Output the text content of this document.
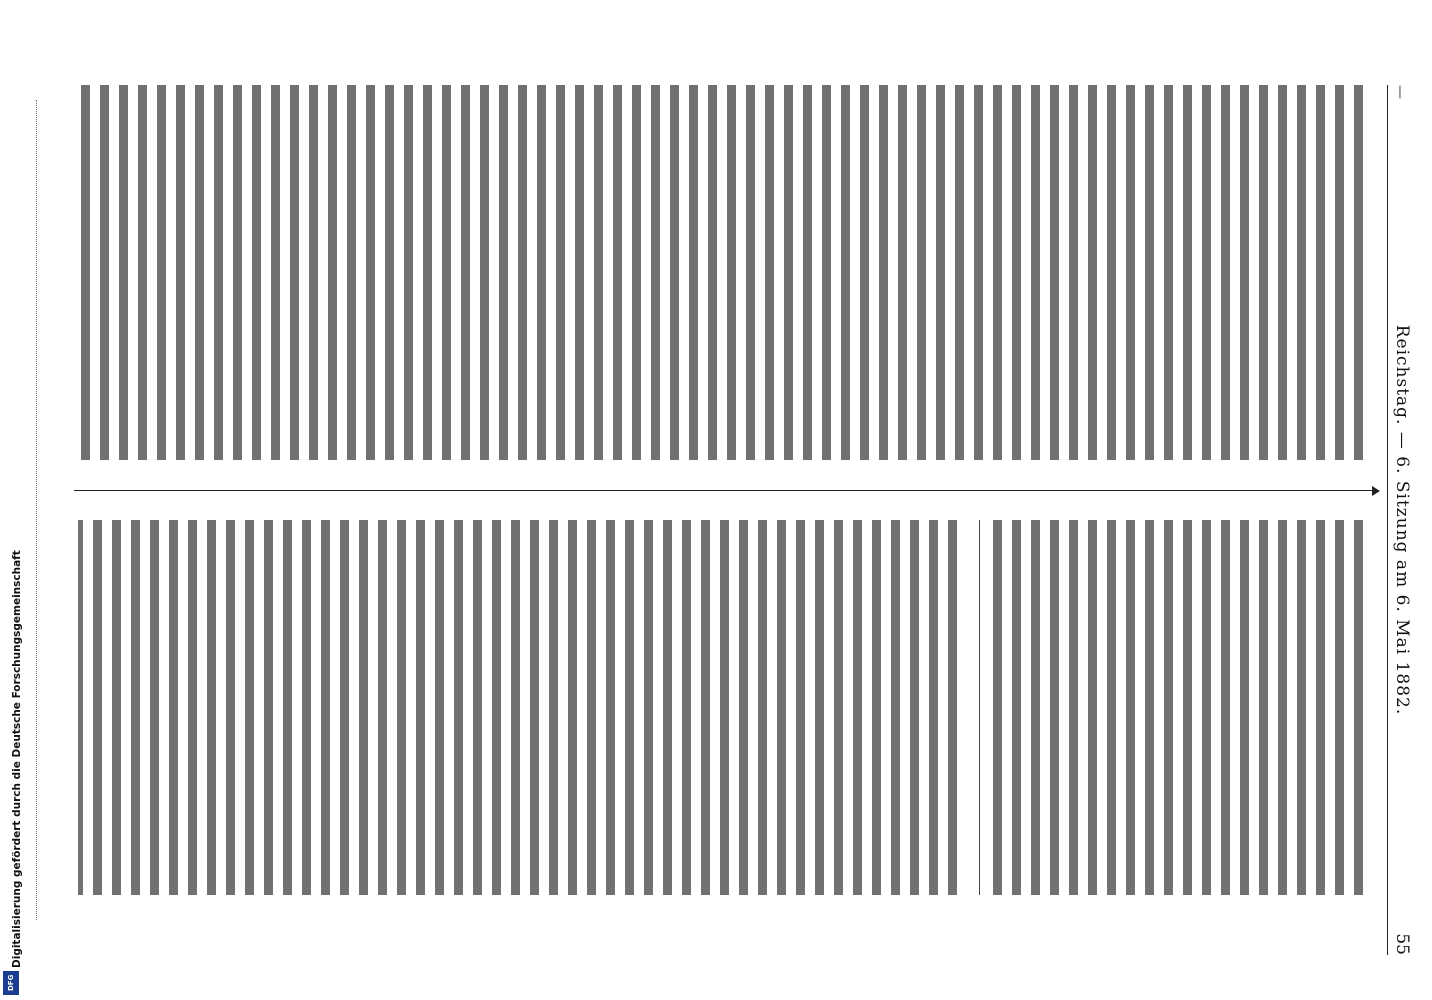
Digitalisierung gefördert durch die Deutsche Forschungsgemeinschaft
DFG
—
Reichstag. — 6. Sitzung am 6. Mai 1882.
55
